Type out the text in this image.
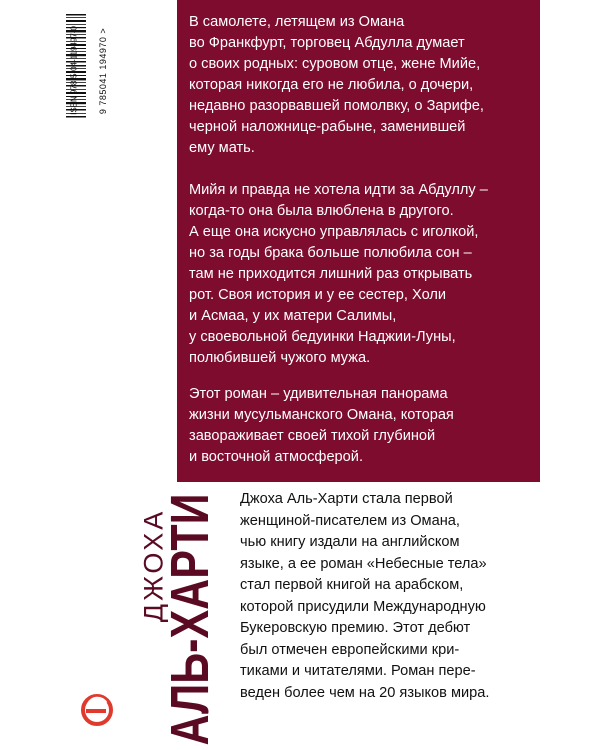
ISBN 978-5-04-119497-0 9 785041 194970 >

В самолете, летящем из Омана
во Франкфурт, торговец Абдулла думает
о своих родных: суровом отце, жене Мийе,
которая никогда его не любила, о дочери,
недавно разорвавшей помолвку, о Зарифе,
черной наложнице-рабыне, заменившей
ему мать.

Мийя и правда не хотела идти за Абдуллу –
когда-то она была влюблена в другого.
А еще она искусно управлялась с иголкой,
но за годы брака больше полюбила сон –
там не приходится лишний раз открывать
рот. Своя история и у ее сестер, Холи
и Асмаа, у их матери Салимы,
у своевольной бедуинки Наджии-Луны,
полюбившей чужого мужа.

Этот роман – удивительная панорама
жизни мусульманского Омана, которая
завораживает своей тихой глубиной
и восточной атмосферой.

ДЖОХА
АЛЬ-ХАРТИ Джоха Аль-Харти стала первой
женщиной-писателем из Омана,
чью книгу издали на английском
языке, а ее роман «Небесные тела»
стал первой книгой на арабском,
которой присудили Международную
Букеровскую премию. Этот дебют
был отмечен европейскими кри-
тиками и читателями. Роман пере-
веден более чем на 20 языков мира.
